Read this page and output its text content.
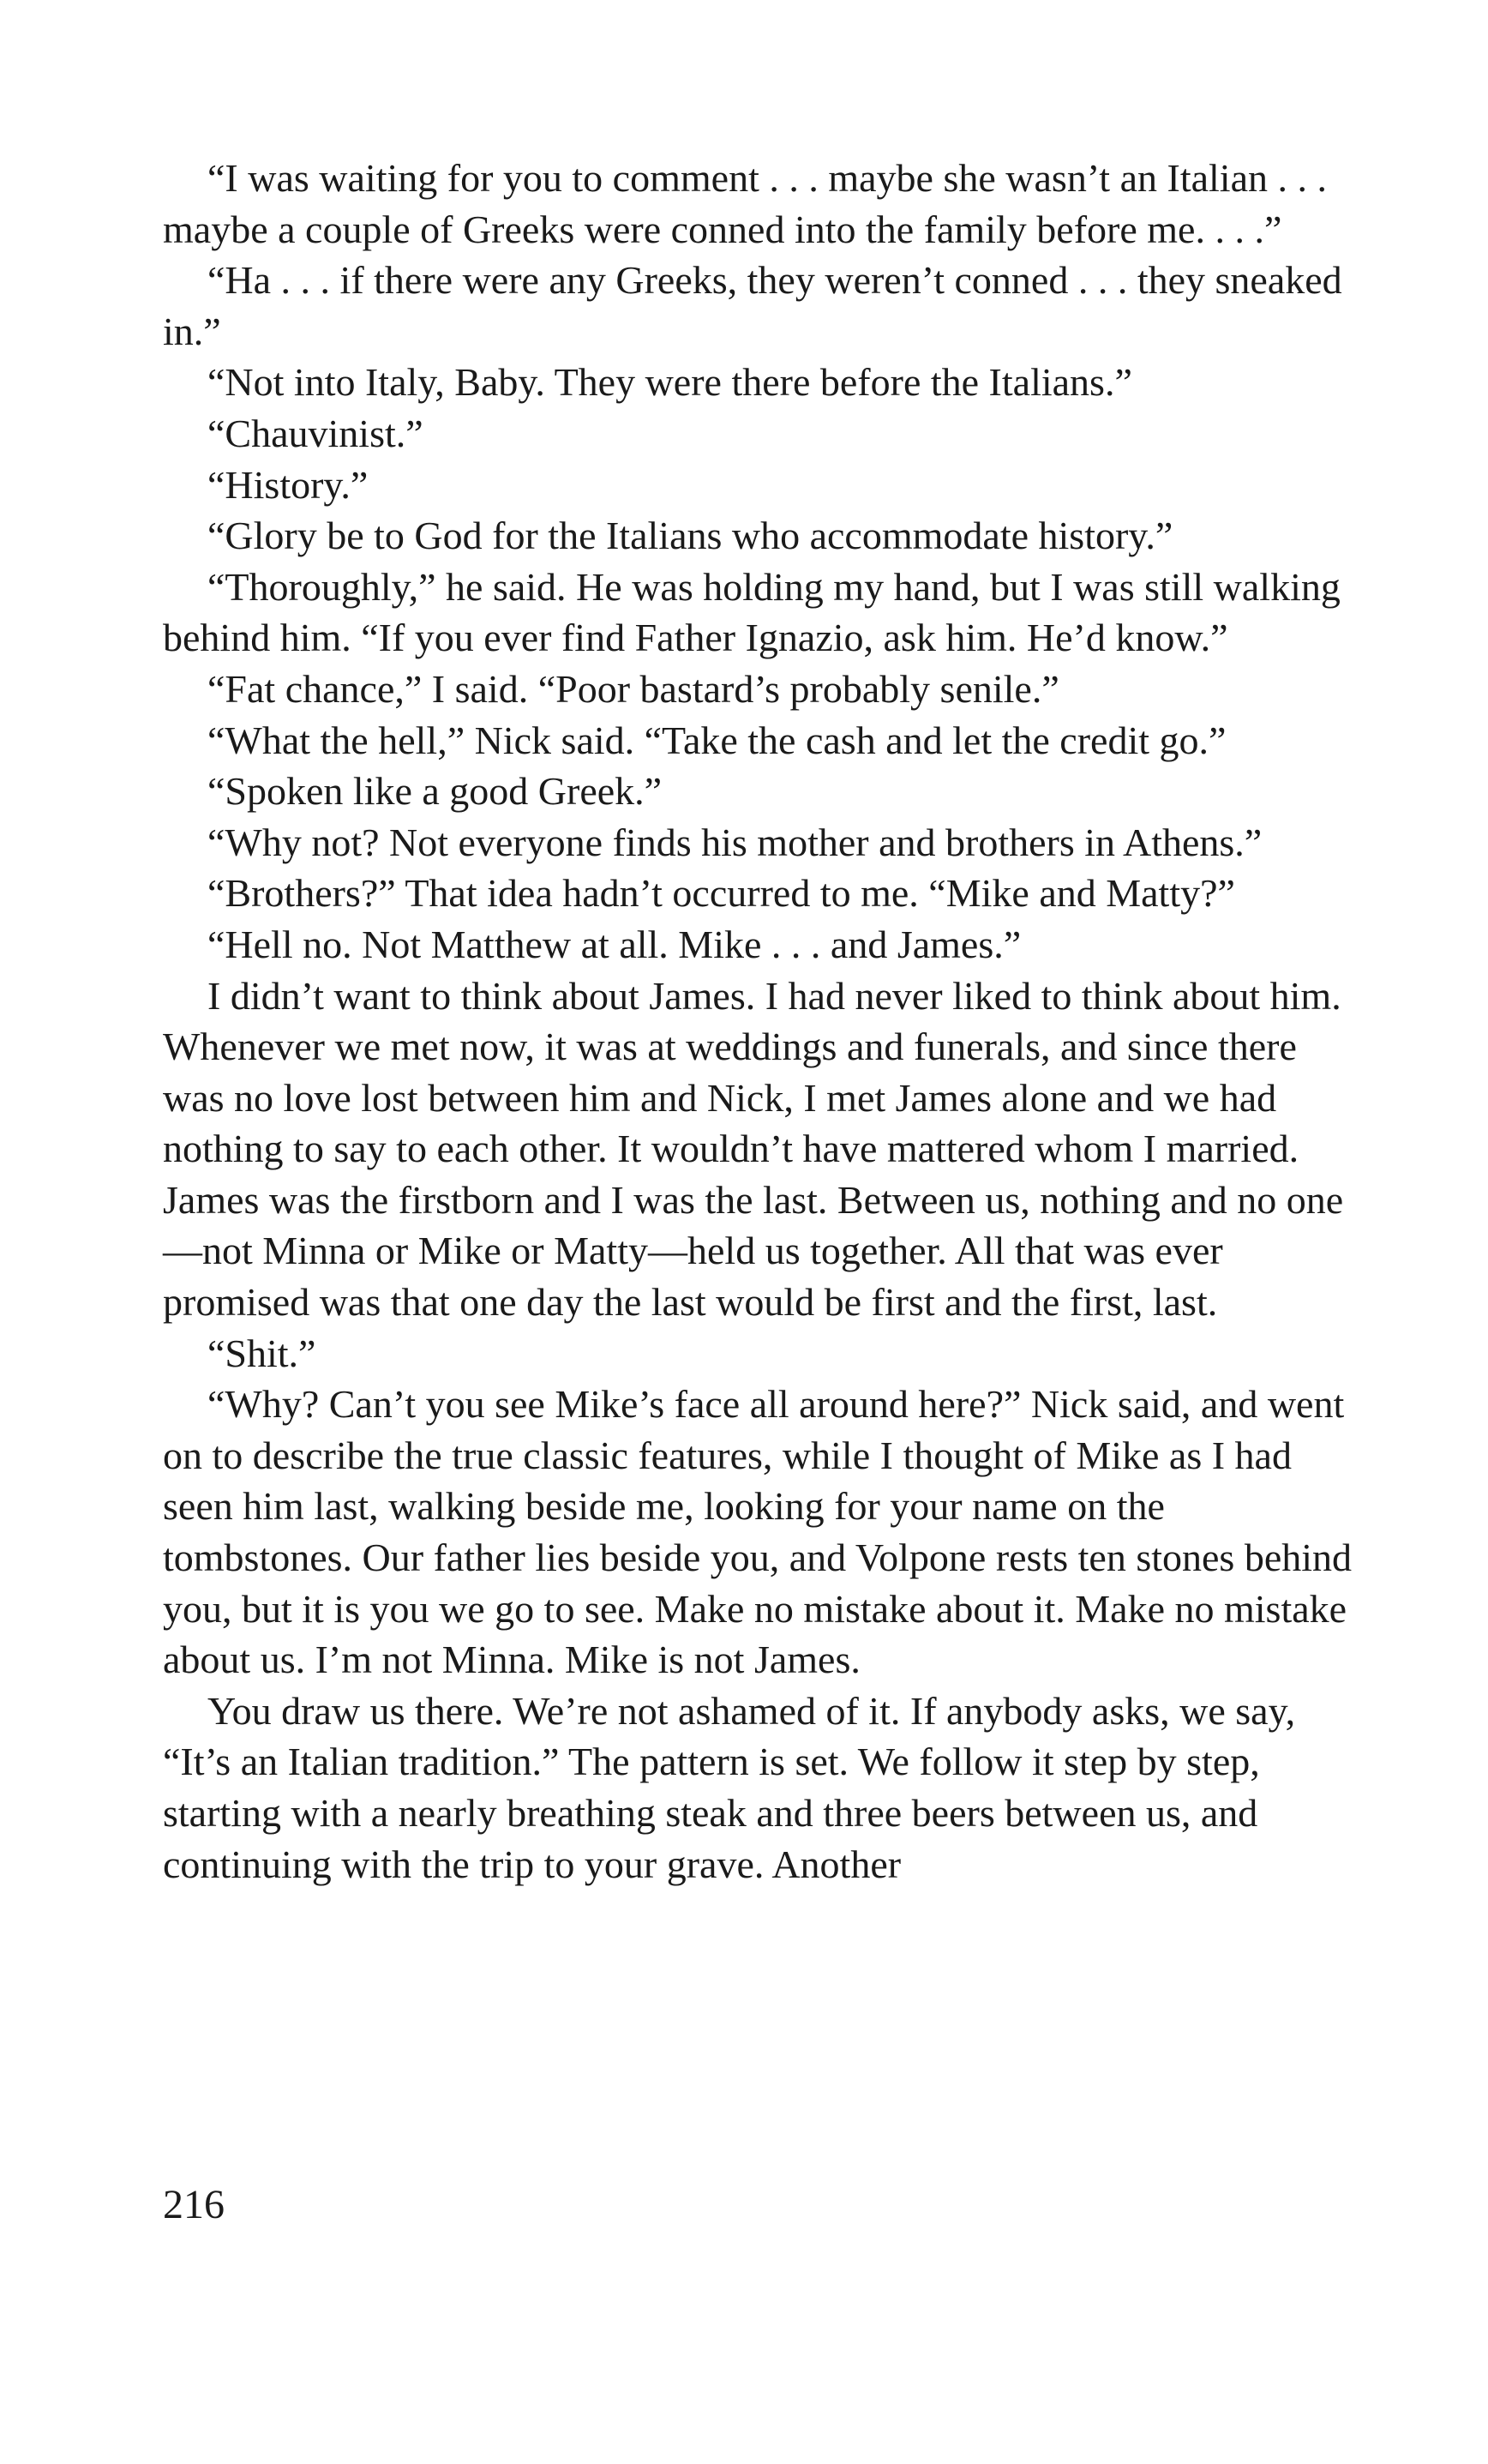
“I was waiting for you to comment . . . maybe she wasn’t an Italian . . . maybe a couple of Greeks were conned into the family before me. . . .”

“Ha . . . if there were any Greeks, they weren’t conned . . . they sneaked in.”

“Not into Italy, Baby. They were there before the Italians.”

“Chauvinist.”

“History.”

“Glory be to God for the Italians who accommodate history.”

“Thoroughly,” he said. He was holding my hand, but I was still walking behind him. “If you ever find Father Ignazio, ask him. He’d know.”

“Fat chance,” I said. “Poor bastard’s probably senile.”

“What the hell,” Nick said. “Take the cash and let the credit go.”

“Spoken like a good Greek.”

“Why not? Not everyone finds his mother and brothers in Athens.”

“Brothers?” That idea hadn’t occurred to me. “Mike and Matty?”

“Hell no. Not Matthew at all. Mike . . . and James.”

I didn’t want to think about James. I had never liked to think about him. Whenever we met now, it was at weddings and funerals, and since there was no love lost between him and Nick, I met James alone and we had nothing to say to each other. It wouldn’t have mattered whom I married. James was the firstborn and I was the last. Between us, nothing and no one—not Minna or Mike or Matty—held us together. All that was ever promised was that one day the last would be first and the first, last.

“Shit.”

“Why? Can’t you see Mike’s face all around here?” Nick said, and went on to describe the true classic features, while I thought of Mike as I had seen him last, walking beside me, looking for your name on the tombstones. Our father lies beside you, and Volpone rests ten stones behind you, but it is you we go to see. Make no mistake about it. Make no mistake about us. I’m not Minna. Mike is not James.

You draw us there. We’re not ashamed of it. If anybody asks, we say, “It’s an Italian tradition.” The pattern is set. We follow it step by step, starting with a nearly breathing steak and three beers between us, and continuing with the trip to your grave. Another

216
